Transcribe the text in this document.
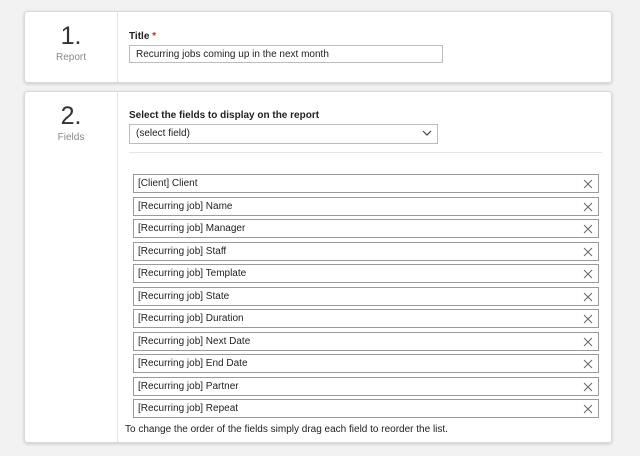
1.
Report
Title *
Recurring jobs coming up in the next month
2.
Fields
Select the fields to display on the report
(select field)
[Client] Client
[Recurring job] Name
[Recurring job] Manager
[Recurring job] Staff
[Recurring job] Template
[Recurring job] State
[Recurring job] Duration
[Recurring job] Next Date
[Recurring job] End Date
[Recurring job] Partner
[Recurring job] Repeat
To change the order of the fields simply drag each field to reorder the list.
